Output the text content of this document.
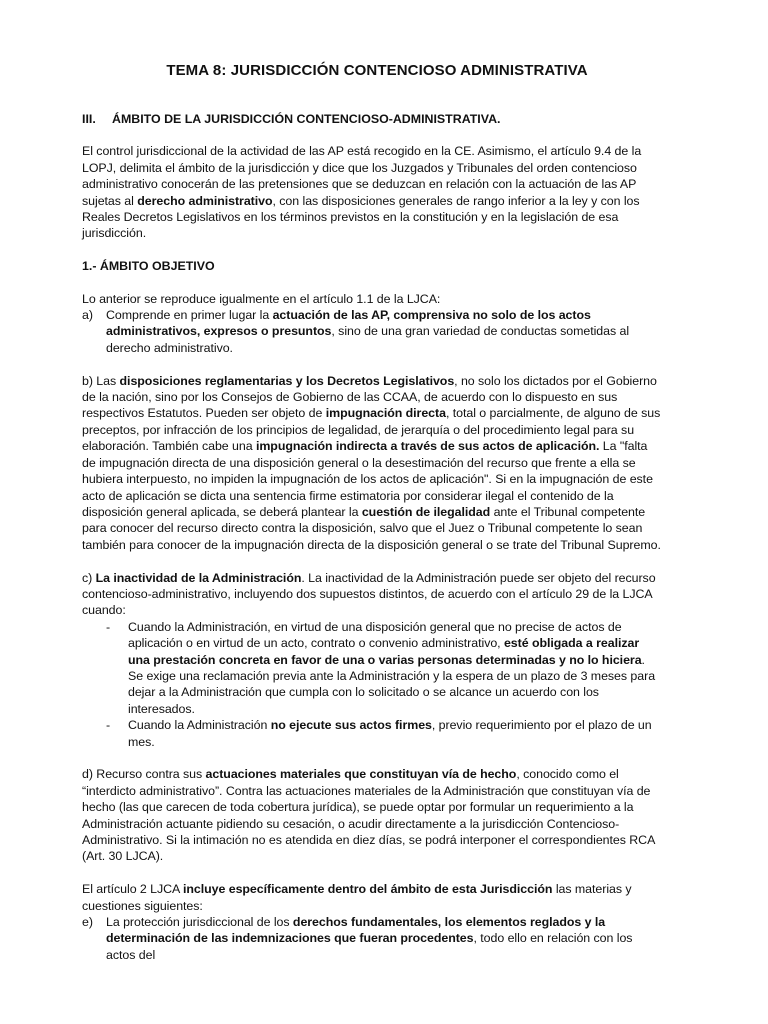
TEMA 8: JURISDICCIÓN CONTENCIOSO ADMINISTRATIVA
III. ÁMBITO DE LA JURISDICCIÓN CONTENCIOSO-ADMINISTRATIVA.

El control jurisdiccional de la actividad de las AP está recogido en la CE. Asimismo, el artículo 9.4 de la LOPJ, delimita el ámbito de la jurisdicción y dice que los Juzgados y Tribunales del orden contencioso administrativo conocerán de las pretensiones que se deduzcan en relación con la actuación de las AP sujetas al derecho administrativo, con las disposiciones generales de rango inferior a la ley y con los Reales Decretos Legislativos en los términos previstos en la constitución y en la legislación de esa jurisdicción.

1.- ÁMBITO OBJETIVO

Lo anterior se reproduce igualmente en el artículo 1.1 de la LJCA:

a) Comprende en primer lugar la actuación de las AP, comprensiva no solo de los actos administrativos, expresos o presuntos, sino de una gran variedad de conductas sometidas al derecho administrativo.

b) Las disposiciones reglamentarias y los Decretos Legislativos, no solo los dictados por el Gobierno de la nación, sino por los Consejos de Gobierno de las CCAA, de acuerdo con lo dispuesto en sus respectivos Estatutos. Pueden ser objeto de impugnación directa, total o parcialmente, de alguno de sus preceptos, por infracción de los principios de legalidad, de jerarquía o del procedimiento legal para su elaboración. También cabe una impugnación indirecta a través de sus actos de aplicación. La "falta de impugnación directa de una disposición general o la desestimación del recurso que frente a ella se hubiera interpuesto, no impiden la impugnación de los actos de aplicación". Si en la impugnación de este acto de aplicación se dicta una sentencia firme estimatoria por considerar ilegal el contenido de la disposición general aplicada, se deberá plantear la cuestión de ilegalidad ante el Tribunal competente para conocer del recurso directo contra la disposición, salvo que el Juez o Tribunal competente lo sean también para conocer de la impugnación directa de la disposición general o se trate del Tribunal Supremo.

c) La inactividad de la Administración. La inactividad de la Administración puede ser objeto del recurso contencioso-administrativo, incluyendo dos supuestos distintos, de acuerdo con el artículo 29 de la LJCA cuando:

- Cuando la Administración, en virtud de una disposición general que no precise de actos de aplicación o en virtud de un acto, contrato o convenio administrativo, esté obligada a realizar una prestación concreta en favor de una o varias personas determinadas y no lo hiciera. Se exige una reclamación previa ante la Administración y la espera de un plazo de 3 meses para dejar a la Administración que cumpla con lo solicitado o se alcance un acuerdo con los interesados.
- Cuando la Administración no ejecute sus actos firmes, previo requerimiento por el plazo de un mes.

d) Recurso contra sus actuaciones materiales que constituyan vía de hecho, conocido como el “interdicto administrativo”. Contra las actuaciones materiales de la Administración que constituyan vía de hecho (las que carecen de toda cobertura jurídica), se puede optar por formular un requerimiento a la Administración actuante pidiendo su cesación, o acudir directamente a la jurisdicción Contencioso-Administrativo. Si la intimación no es atendida en diez días, se podrá interponer el correspondientes RCA (Art. 30 LJCA).

El artículo 2 LJCA incluye específicamente dentro del ámbito de esta Jurisdicción las materias y cuestiones siguientes:

e) La protección jurisdiccional de los derechos fundamentales, los elementos reglados y la determinación de las indemnizaciones que fueran procedentes, todo ello en relación con los actos del
